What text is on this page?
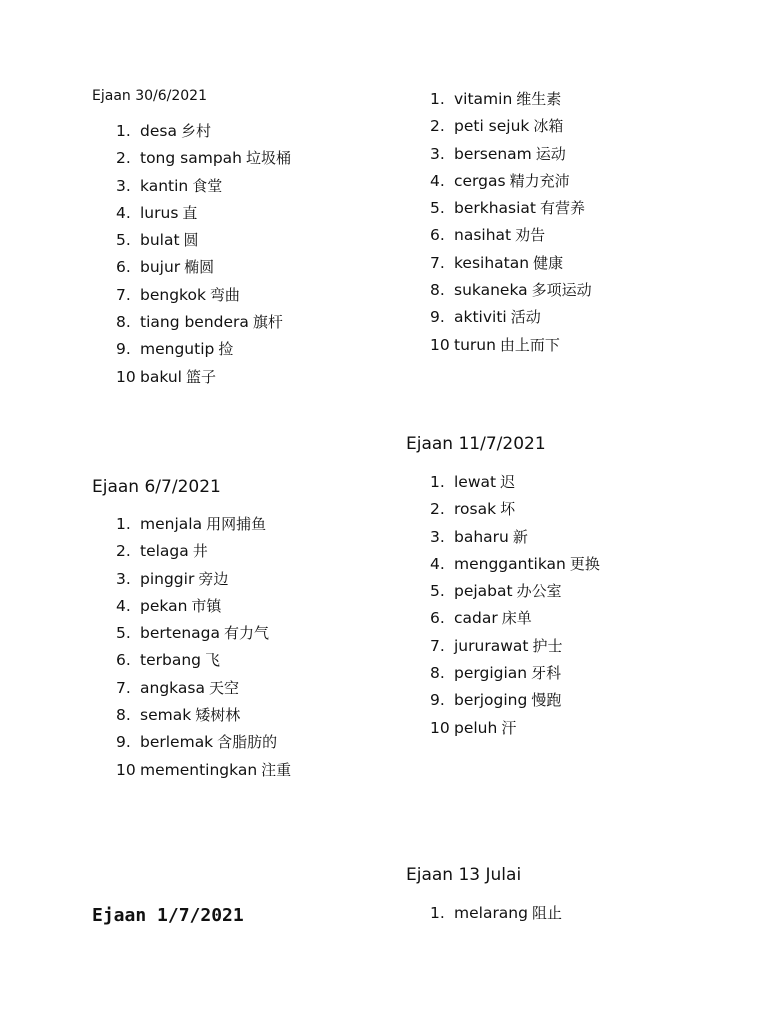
Ejaan 30/6/2021

1. desa 乡村
2. tong sampah 垃圾桶
3. kantin 食堂
4. lurus 直
5. bulat 圆
6. bujur 椭圆
7. bengkok 弯曲
8. tiang bendera 旗杆
9. mengutip 捡
10 bakul 篮子
1. vitamin 维生素
2. peti sejuk 冰箱
3. bersenam 运动
4. cergas 精力充沛
5. berkhasiat 有营养
6. nasihat 劝告
7. kesihatan 健康
8. sukaneka 多项运动
9. aktiviti 活动
10 turun 由上而下

Ejaan 11/7/2021

1. lewat 迟
2. rosak 坏
3. baharu 新
4. menggantikan 更换
5. pejabat 办公室
6. cadar 床单
7. jururawat 护士
8. pergigian 牙科
9. berjoging 慢跑
10 peluh 汗

Ejaan 6/7/2021

1. menjala 用网捕鱼
2. telaga 井
3. pinggir 旁边
4. pekan 市镇
5. bertenaga 有力气
6. terbang 飞
7. angkasa 天空
8. semak 矮树林
9. berlemak 含脂肪的
10 mementingkan 注重

Ejaan 13 Julai

1. melarang 阻止

Ejaan 1/7/2021
